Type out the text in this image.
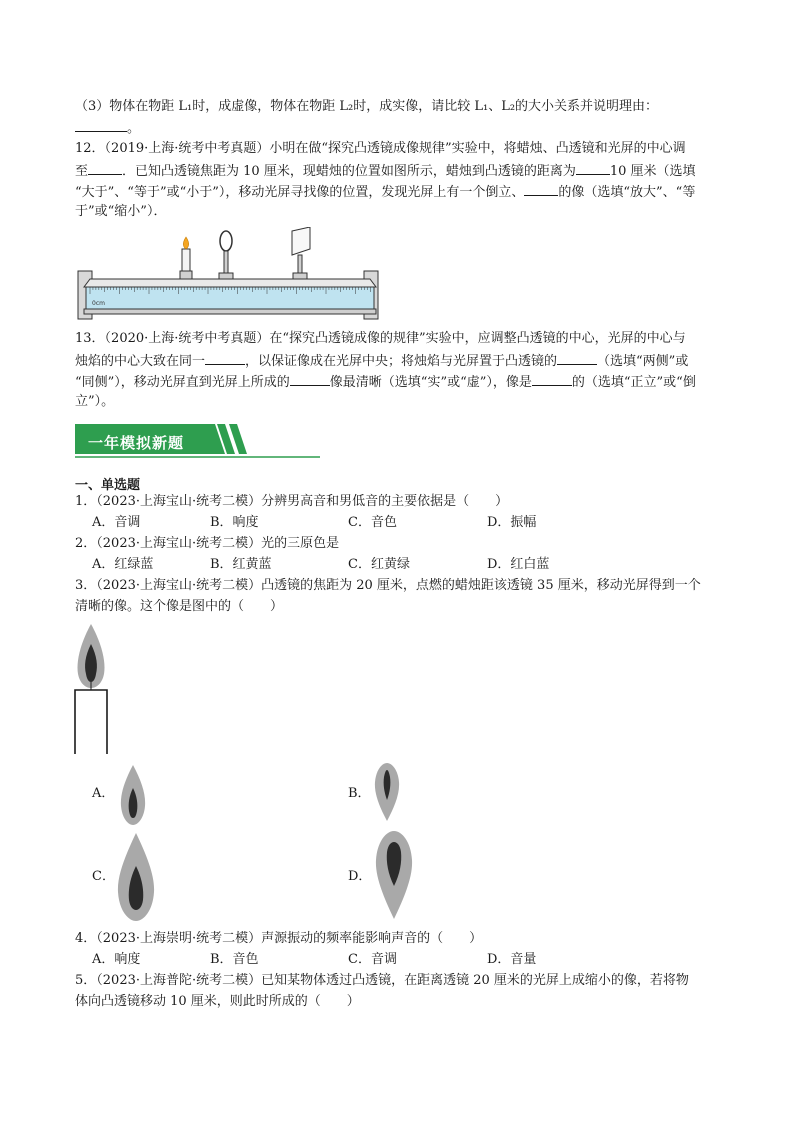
（3）物体在物距 L₁时，成虚像，物体在物距 L₂时，成实像，请比较 L₁、L₂的大小关系并说明理由：
。
12．（2019·上海·统考中考真题）小明在做“探究凸透镜成像规律”实验中，将蜡烛、凸透镜和光屏的中心调
至	．已知凸透镜焦距为 10 厘米，现蜡烛的位置如图所示，蜡烛到凸透镜的距离为	10 厘米（选填
“大于”、“等于”或“小于”），移动光屏寻找像的位置，发现光屏上有一个倒立、	的像（选填“放大”、“等
于”或“缩小”）．
0cm
13．（2020·上海·统考中考真题）在“探究凸透镜成像的规律”实验中，应调整凸透镜的中心，光屏的中心与
烛焰的中心大致在同一	，以保证像成在光屏中央；将烛焰与光屏置于凸透镜的	（选填“两侧”或
“同侧”），移动光屏直到光屏上所成的	像最清晰（选填“实”或“虚”），像是	的（选填“正立”或“倒
立”）。
一年模拟新题
一、单选题
1．（2023·上海宝山·统考二模）分辨男高音和男低音的主要依据是（　　）
A．音调	B．响度	C．音色	D．振幅
2．（2023·上海宝山·统考二模）光的三原色是
A．红绿蓝	B．红黄蓝	C．红黄绿	D．红白蓝
3．（2023·上海宝山·统考二模）凸透镜的焦距为 20 厘米，点燃的蜡烛距该透镜 35 厘米，移动光屏得到一个
清晰的像。这个像是图中的（　　）
A．	B．
C．	D．
4．（2023·上海崇明·统考二模）声源振动的频率能影响声音的（　　）
A．响度	B．音色	C．音调	D．音量
5．（2023·上海普陀·统考二模）已知某物体透过凸透镜，在距离透镜 20 厘米的光屏上成缩小的像，若将物
体向凸透镜移动 10 厘米，则此时所成的（　　）
